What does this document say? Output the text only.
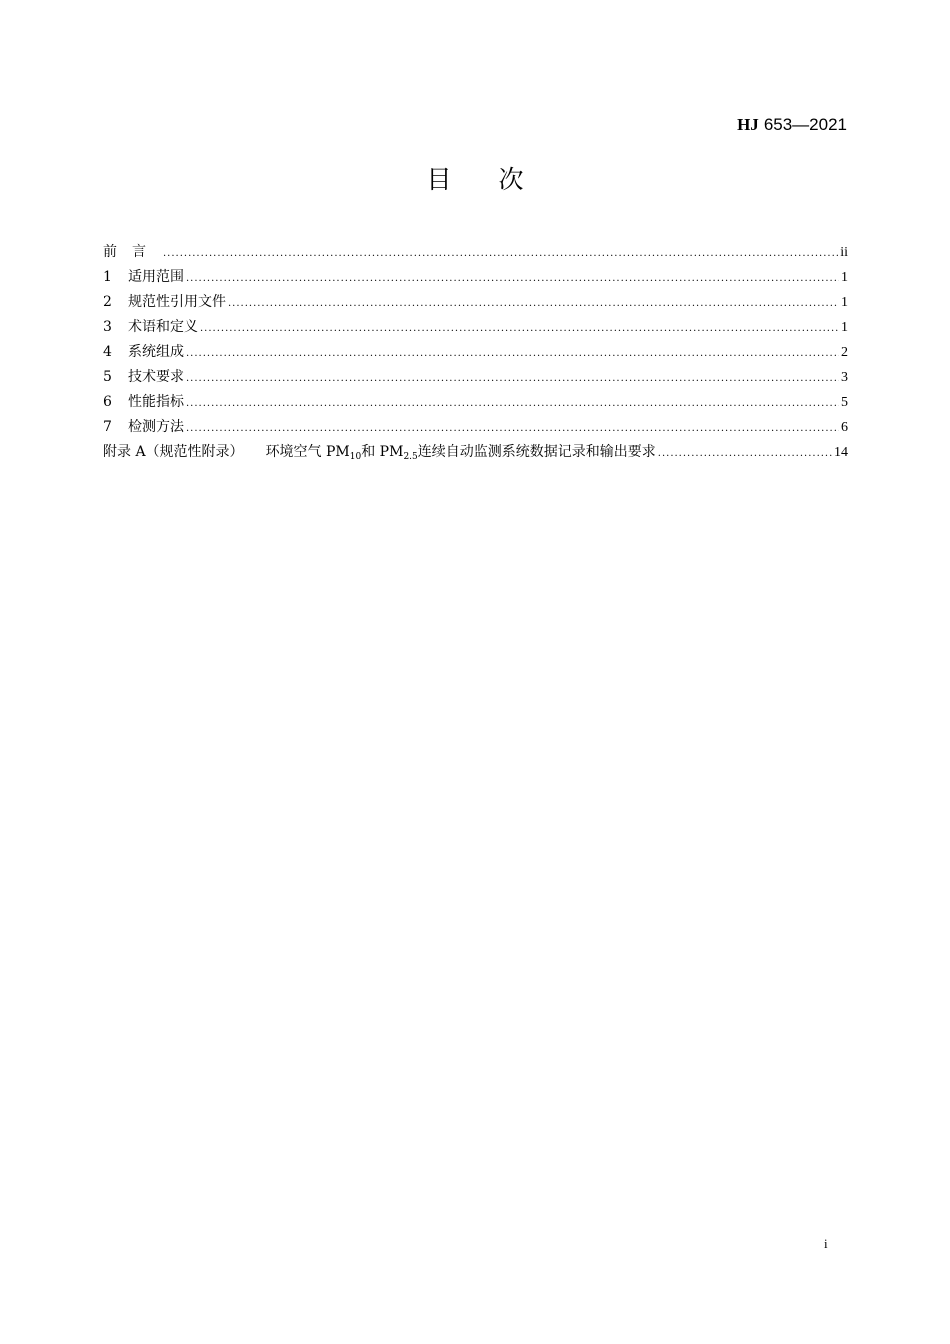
HJ 653—2021
目次
前言 .....	ii
1	适用范围 .....	1
2	规范性引用文件 .....	1
3	术语和定义 .....	1
4	系统组成 .....	2
5	技术要求 .....	3
6	性能指标 .....	5
7	检测方法 .....	6
附录 A（规范性附录） 环境空气 $PM_{10}$和 $PM_{2.5}$连续自动监测系统数据记录和输出要求 .....	14
i
